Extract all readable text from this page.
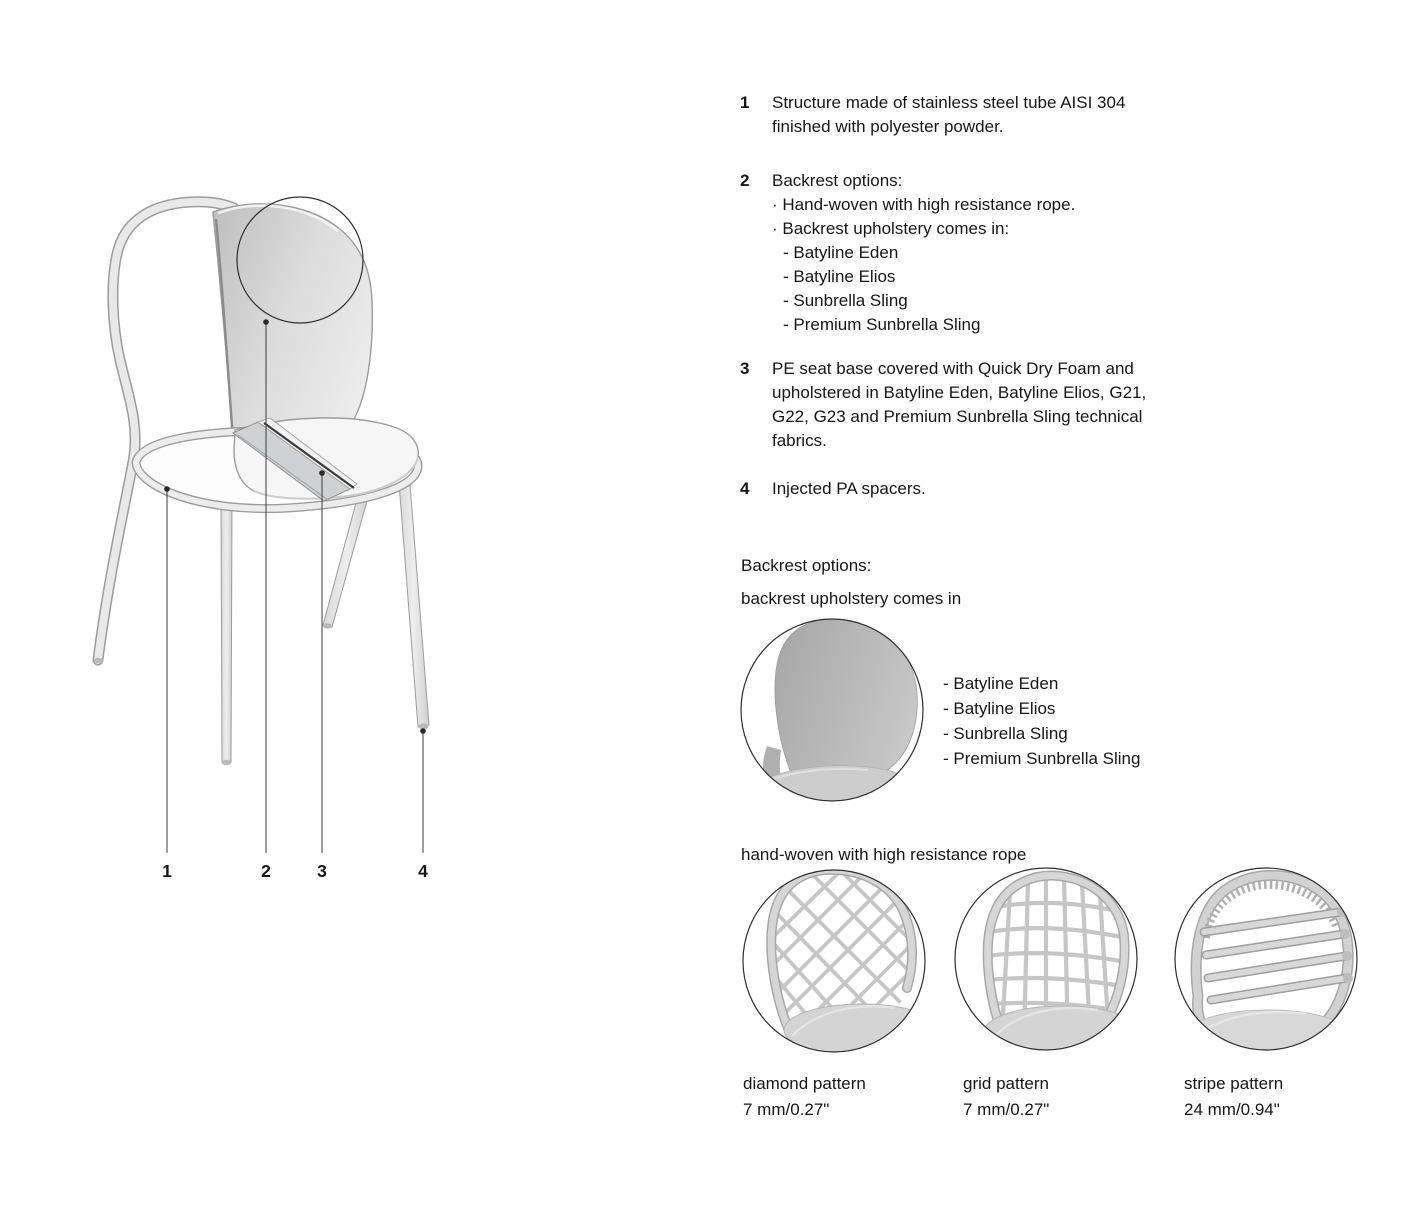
1	2	3	4
1 Structure made of stainless steel tube AISI 304
finished with polyester powder.
2 Backrest options:
· Hand-woven with high resistance rope.
· Backrest upholstery comes in:
- Batyline Eden
- Batyline Elios
- Sunbrella Sling
- Premium Sunbrella Sling
3 PE seat base covered with Quick Dry Foam and
upholstered in Batyline Eden, Batyline Elios, G21,
G22, G23 and Premium Sunbrella Sling technical
fabrics.
4 Injected PA spacers.
Backrest options:
backrest upholstery comes in
- Batyline Eden
- Batyline Elios
- Sunbrella Sling
- Premium Sunbrella Sling
hand-woven with high resistance rope
diamond pattern
7 mm/0.27"
grid pattern
7 mm/0.27"
stripe pattern
24 mm/0.94"
